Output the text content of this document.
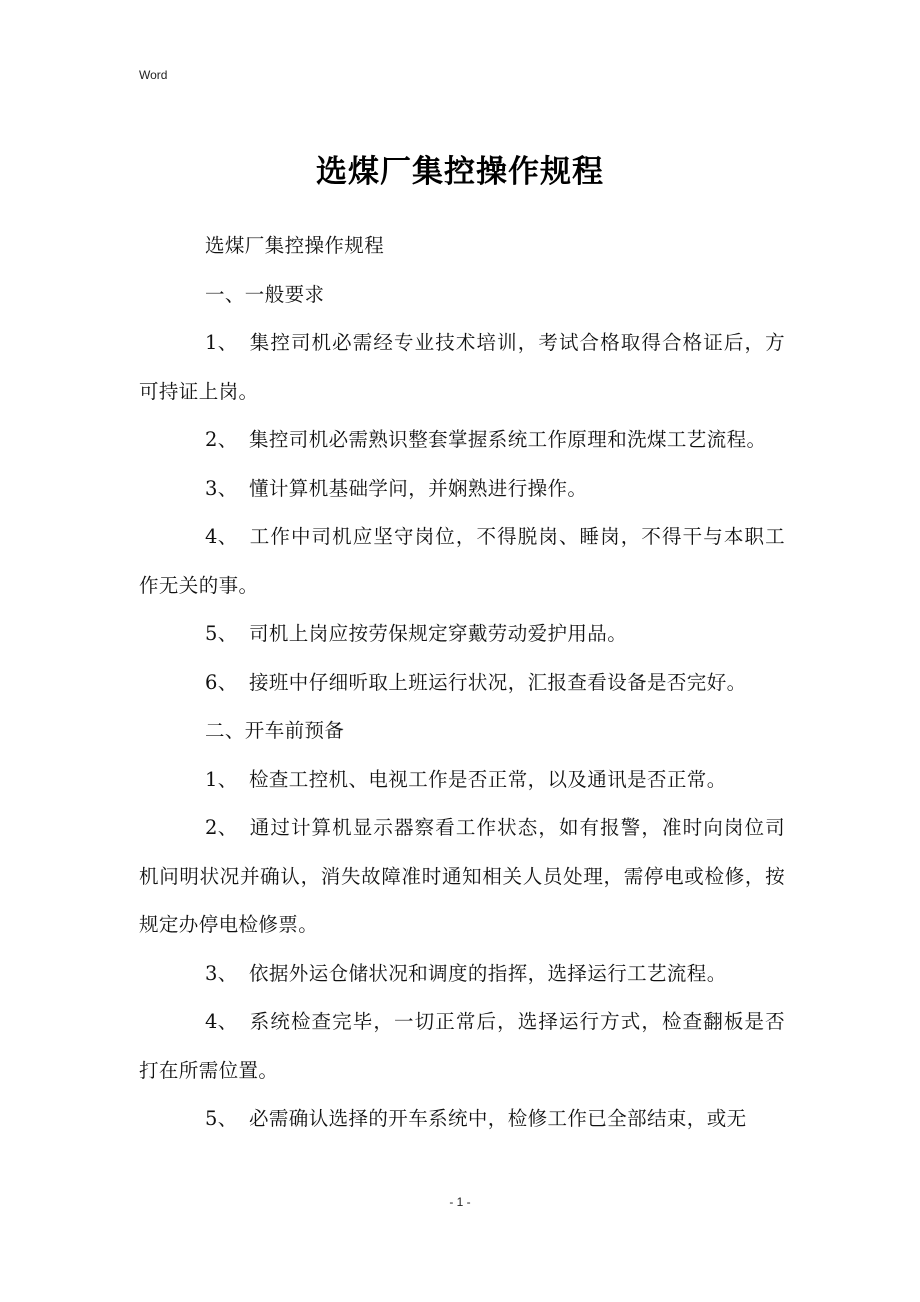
Word
选煤厂集控操作规程

选煤厂集控操作规程

一、一般要求

1、 集控司机必需经专业技术培训，考试合格取得合格证后，方可持证上岗。

2、 集控司机必需熟识整套掌握系统工作原理和洗煤工艺流程。

3、 懂计算机基础学问，并娴熟进行操作。

4、 工作中司机应坚守岗位，不得脱岗、睡岗，不得干与本职工作无关的事。

5、 司机上岗应按劳保规定穿戴劳动爱护用品。

6、 接班中仔细听取上班运行状况，汇报查看设备是否完好。

二、开车前预备

1、 检查工控机、电视工作是否正常，以及通讯是否正常。

2、 通过计算机显示器察看工作状态，如有报警，准时向岗位司机问明状况并确认，消失故障准时通知相关人员处理，需停电或检修，按规定办停电检修票。

3、 依据外运仓储状况和调度的指挥，选择运行工艺流程。

4、 系统检查完毕，一切正常后，选择运行方式，检查翻板是否打在所需位置。

5、 必需确认选择的开车系统中，检修工作已全部结束，或无

- 1 -
